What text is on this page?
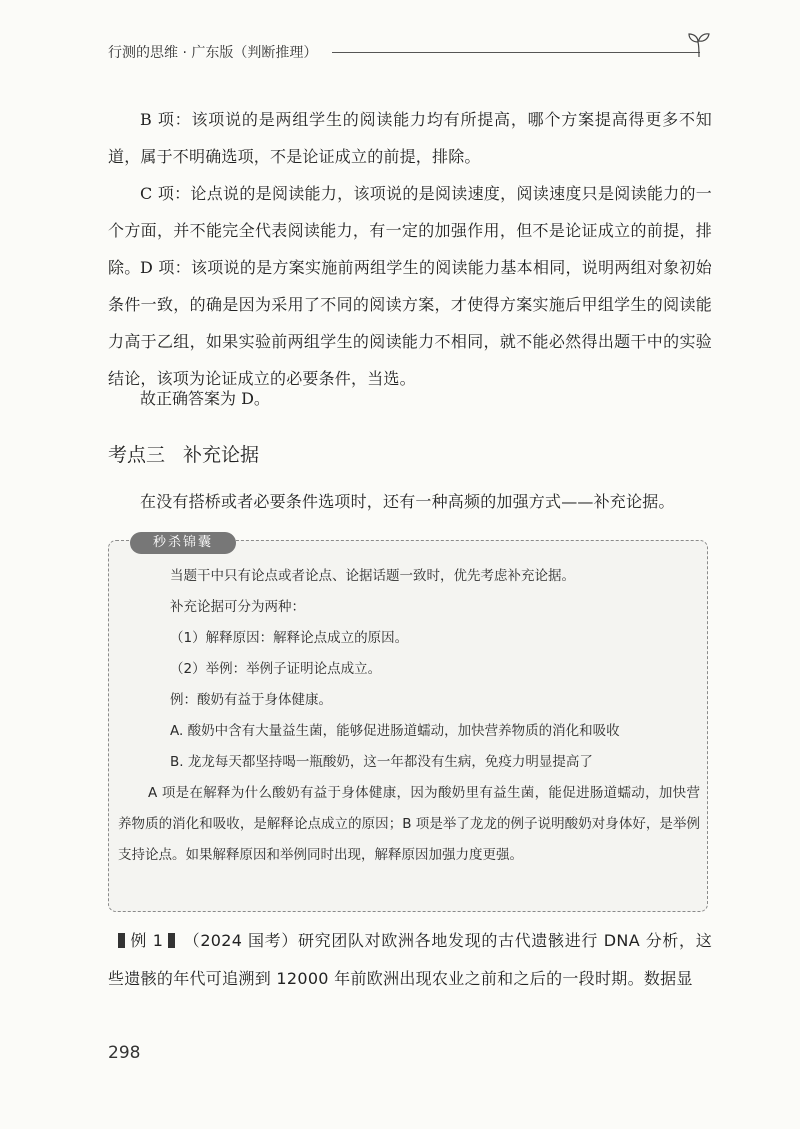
行测的思维 · 广东版（判断推理）

B 项：该项说的是两组学生的阅读能力均有所提高，哪个方案提高得更多不知道，属于不明确选项，不是论证成立的前提，排除。

C 项：论点说的是阅读能力，该项说的是阅读速度，阅读速度只是阅读能力的一个方面，并不能完全代表阅读能力，有一定的加强作用，但不是论证成立的前提，排除。 D 项：该项说的是方案实施前两组学生的阅读能力基本相同，说明两组对象初始条件一致，的确是因为采用了不同的阅读方案，才使得方案实施后甲组学生的阅读能力高于乙组，如果实验前两组学生的阅读能力不相同，就不能必然得出题干中的实验结论，该项为论证成立的必要条件，当选。

故正确答案为 D。
考点三 补充论据

在没有搭桥或者必要条件选项时，还有一种高频的加强方式——补充论据。

秒杀锦囊
当题干中只有论点或者论点、论据话题一致时，优先考虑补充论据。
补充论据可分为两种：
（1）解释原因：解释论点成立的原因。
（2）举例：举例子证明论点成立。
例：酸奶有益于身体健康。
A. 酸奶中含有大量益生菌，能够促进肠道蠕动，加快营养物质的消化和吸收
B. 龙龙每天都坚持喝一瓶酸奶，这一年都没有生病，免疫力明显提高了
A 项是在解释为什么酸奶有益于身体健康，因为酸奶里有益生菌，能促进肠道蠕动，加快营养物质的消化和吸收，是解释论点成立的原因；B 项是举了龙龙的例子说明酸奶对身体好，是举例支持论点。如果解释原因和举例同时出现，解释原因加强力度更强。
例 1 （2024 国考）研究团队对欧洲各地发现的古代遗骸进行 DNA 分析，这些遗骸的年代可追溯到 12000 年前欧洲出现农业之前和之后的一段时期。数据显
298
